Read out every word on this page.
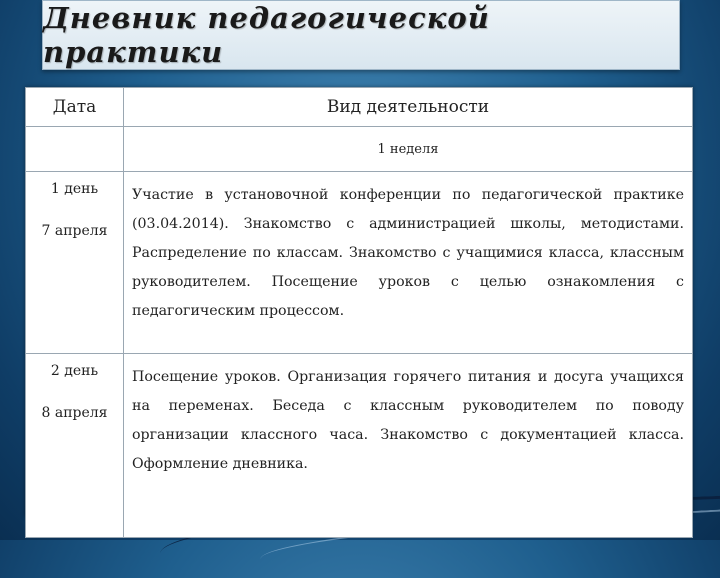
Дневник педагогической практики
Дата	Вид деятельности
	1 неделя

1 день
7 апреля	Участие в установочной конференции по педагогической практике (03.04.2014). Знакомство с администрацией школы, методистами. Распределение по классам. Знакомство с учащимися класса, классным руководителем. Посещение уроков с целью ознакомления с педагогическим процессом.

2 день
8 апреля	Посещение уроков. Организация горячего питания и досуга учащихся на переменах. Беседа с классным руководителем по поводу организации классного часа. Знакомство с документацией класса. Оформление дневника.
